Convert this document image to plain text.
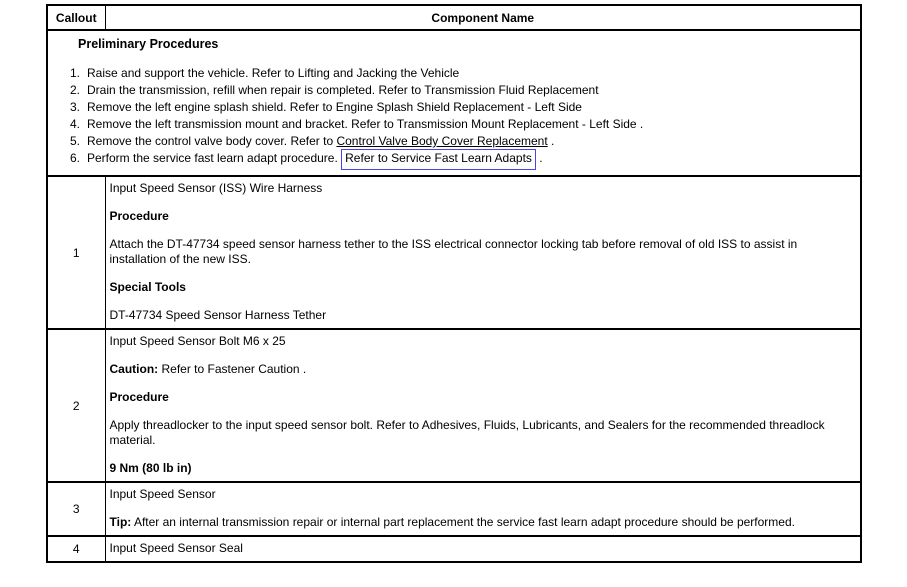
Callout	Component Name

Preliminary Procedures
1. Raise and support the vehicle. Refer to Lifting and Jacking the Vehicle
2. Drain the transmission, refill when repair is completed. Refer to Transmission Fluid Replacement
3. Remove the left engine splash shield. Refer to Engine Splash Shield Replacement - Left Side
4. Remove the left transmission mount and bracket. Refer to Transmission Mount Replacement - Left Side .
5. Remove the control valve body cover. Refer to Control Valve Body Cover Replacement .
6. Perform the service fast learn adapt procedure. Refer to Service Fast Learn Adapts .

1	Input Speed Sensor (ISS) Wire Harness

Procedure

Attach the DT-47734 speed sensor harness tether to the ISS electrical connector locking tab before removal of old ISS to assist in installation of the new ISS.

Special Tools

DT-47734 Speed Sensor Harness Tether

2	Input Speed Sensor Bolt M6 x 25

Caution: Refer to Fastener Caution .

Procedure

Apply threadlocker to the input speed sensor bolt. Refer to Adhesives, Fluids, Lubricants, and Sealers for the recommended threadlock material.

9 Nm (80 lb in)

3	Input Speed Sensor

Tip: After an internal transmission repair or internal part replacement the service fast learn adapt procedure should be performed.

4	Input Speed Sensor Seal
